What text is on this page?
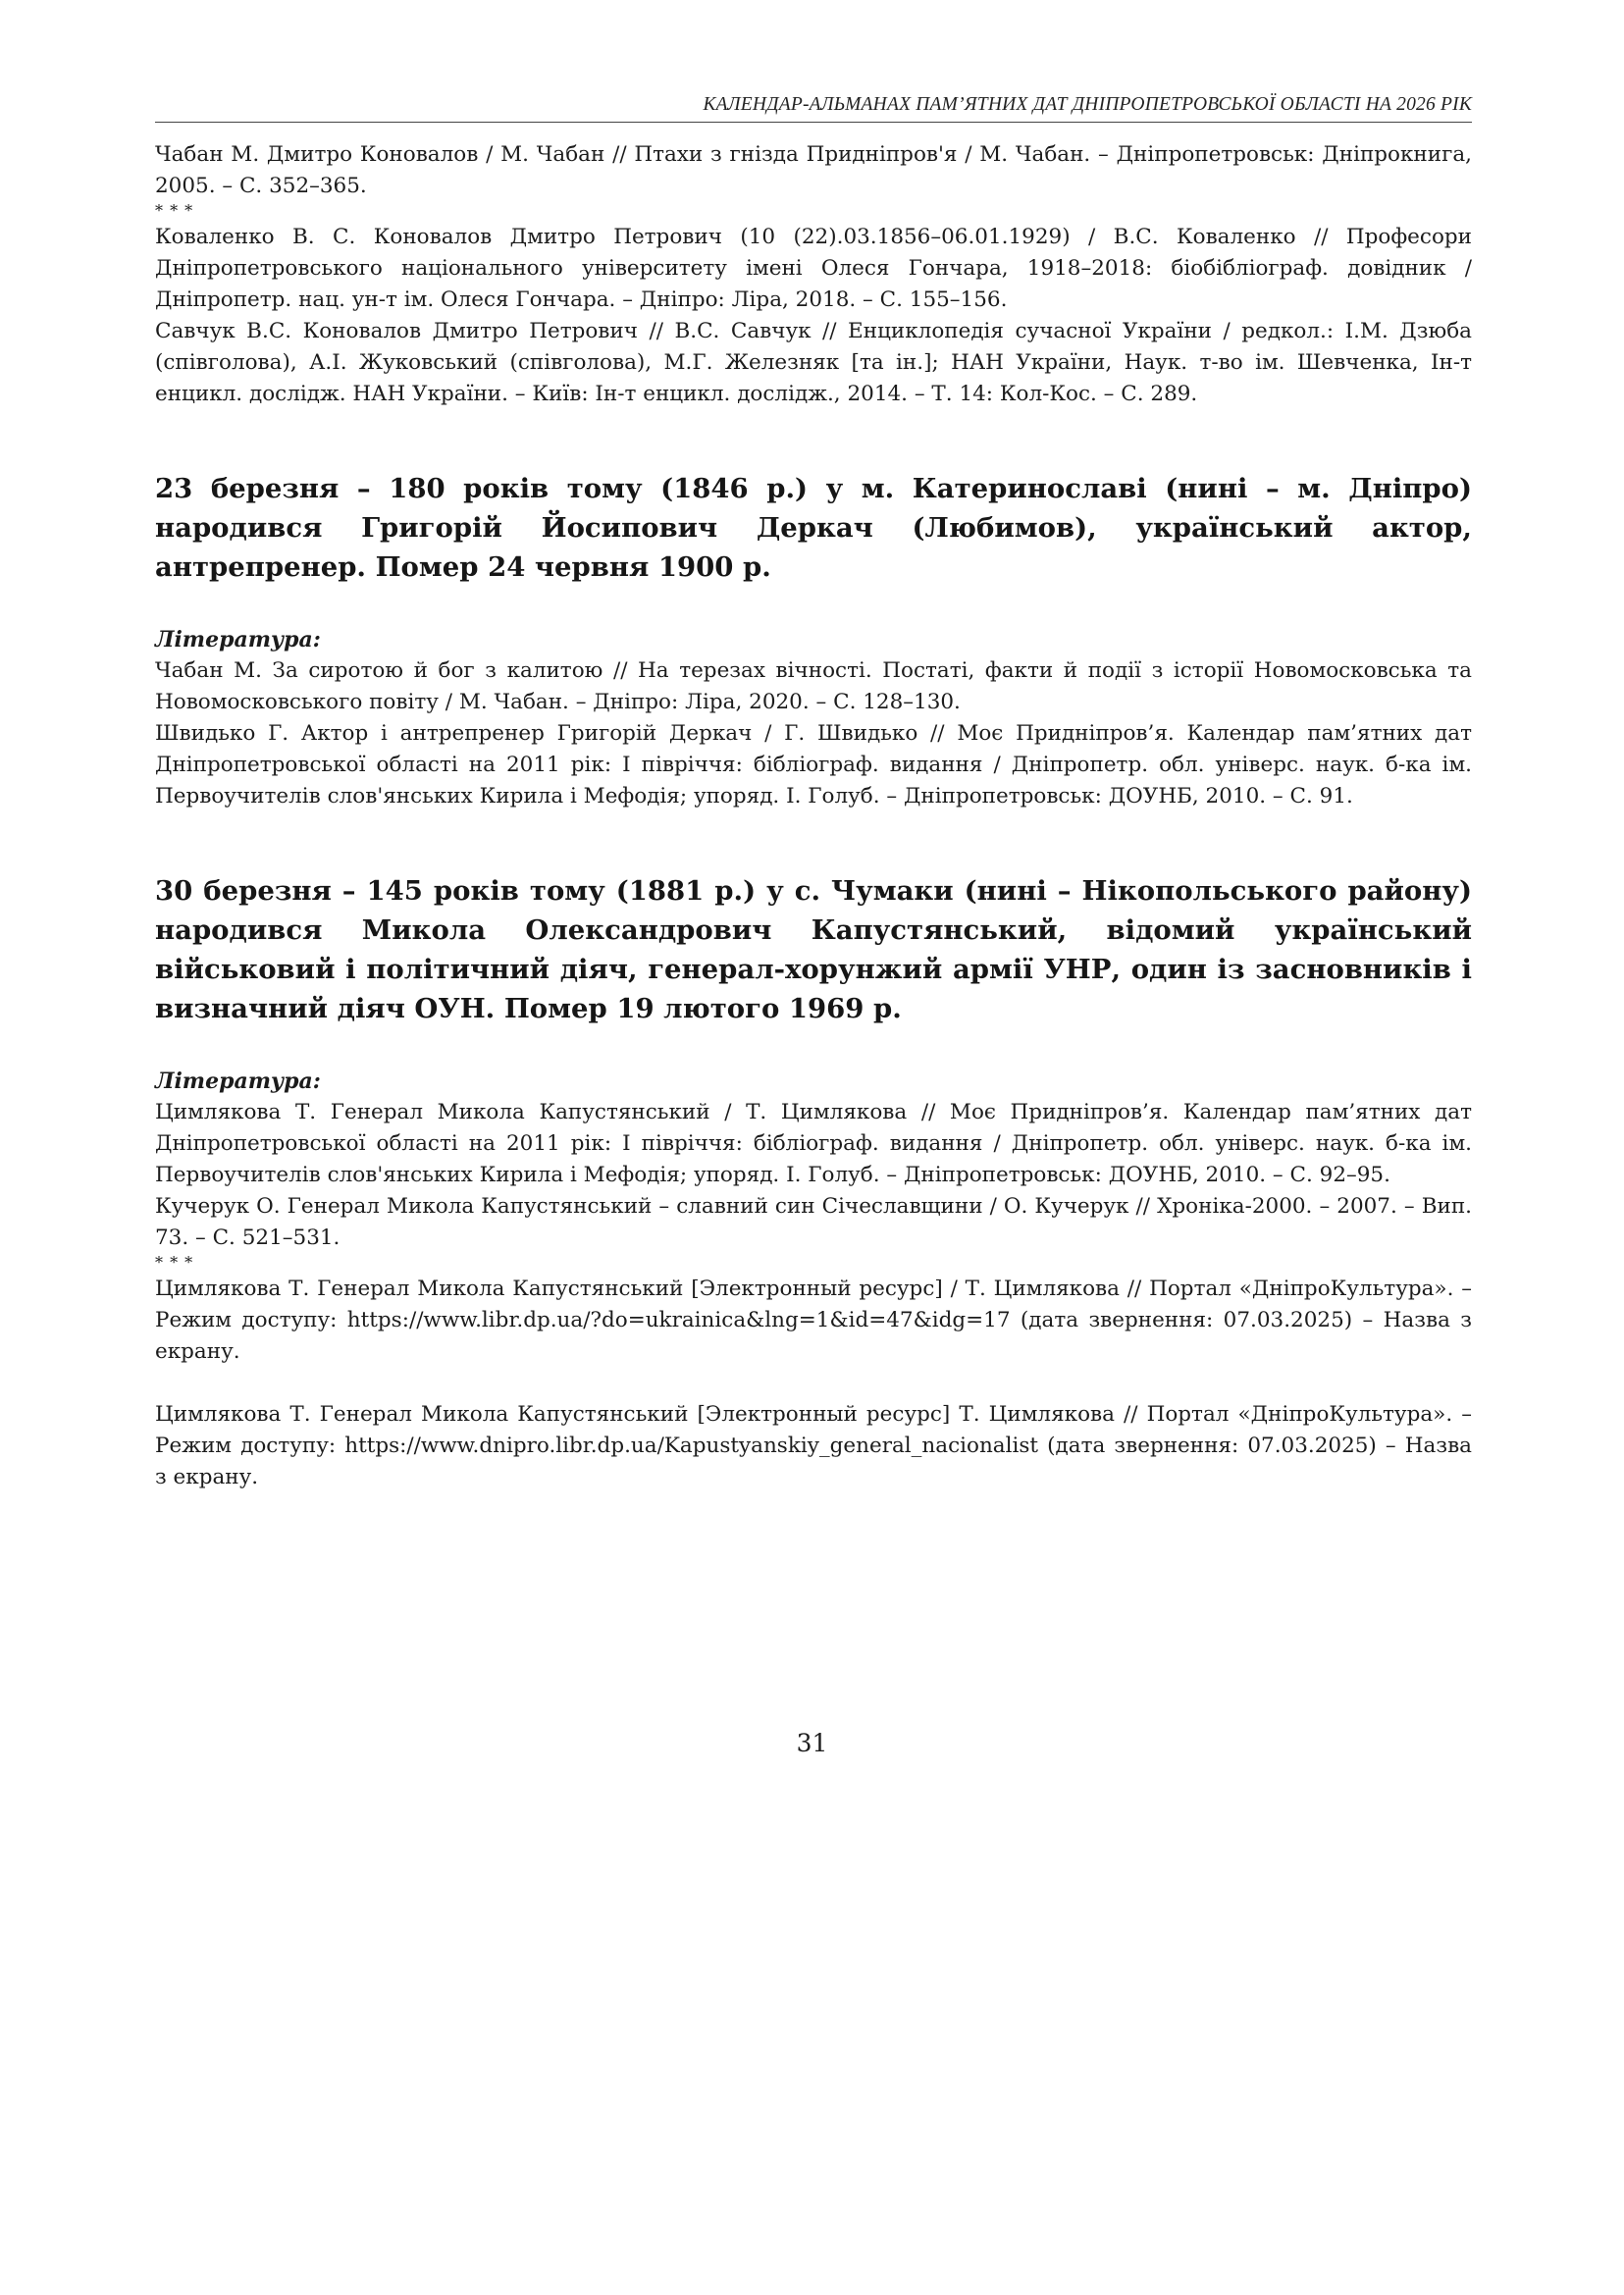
КАЛЕНДАР-АЛЬМАНАХ ПАМ’ЯТНИХ ДАТ ДНІПРОПЕТРОВСЬКОЇ ОБЛАСТІ НА 2026 РІК

Чабан М. Дмитро Коновалов / М. Чабан // Птахи з гнізда Придніпров'я / М. Чабан. – Дніпропетровськ: Дніпрокнига, 2005. – С. 352–365.

* * *

Коваленко В. С. Коновалов Дмитро Петрович (10 (22).03.1856–06.01.1929) / В.С. Коваленко // Професори Дніпропетровського національного університету імені Олеся Гончара, 1918–2018: біобібліограф. довідник / Дніпропетр. нац. ун-т ім. Олеся Гончара. – Дніпро: Ліра, 2018. – С. 155–156.

Савчук В.С. Коновалов Дмитро Петрович // В.С. Савчук // Енциклопедія сучасної України / редкол.: І.М. Дзюба (співголова), А.І. Жуковський (співголова), М.Г. Железняк [та ін.]; НАН України, Наук. т-во ім. Шевченка, Ін-т енцикл. дослідж. НАН України. – Київ: Ін-т енцикл. дослідж., 2014. – Т. 14: Кол-Кос. – С. 289.

23 березня – 180 років тому (1846 р.) у м. Катеринославі (нині – м. Дніпро) народився Григорій Йосипович Деркач (Любимов), український актор, антрепренер. Помер 24 червня 1900 р.

Література:

Чабан М. За сиротою й бог з калитою // На терезах вічності. Постаті, факти й події з історії Новомосковська та Новомосковського повіту / М. Чабан. – Дніпро: Ліра, 2020. – С. 128–130.

Швидько Г. Актор і антрепренер Григорій Деркач / Г. Швидько // Моє Придніпров’я. Календар пам’ятних дат Дніпропетровської області на 2011 рік: І півріччя: бібліограф. видання / Дніпропетр. обл. універс. наук. б-ка ім. Первоучителів слов'янських Кирила і Мефодія; упоряд. І. Голуб. – Дніпропетровськ: ДОУНБ, 2010. – С. 91.

30 березня – 145 років тому (1881 р.) у с. Чумаки (нині – Нікопольського району) народився Микола Олександрович Капустянський, відомий український військовий і політичний діяч, генерал-хорунжий армії УНР, один із засновників і визначний діяч ОУН. Помер 19 лютого 1969 р.

Література:

Цимлякова Т. Генерал Микола Капустянський / Т. Цимлякова // Моє Придніпров’я. Календар пам’ятних дат Дніпропетровської області на 2011 рік: І півріччя: бібліограф. видання / Дніпропетр. обл. універс. наук. б-ка ім. Первоучителів слов'янських Кирила і Мефодія; упоряд. І. Голуб. – Дніпропетровськ: ДОУНБ, 2010. – С. 92–95.

Кучерук О. Генерал Микола Капустянський – славний син Січеславщини / О. Кучерук // Хроніка-2000. – 2007. – Вип. 73. – С. 521–531.

* * *

Цимлякова Т. Генерал Микола Капустянський [Электронный ресурс] / Т. Цимлякова // Портал «ДніпроКультура». – Режим доступу: https://www.libr.dp.ua/?do=ukrainica&lng=1&id=47&idg=17 (дата звернення: 07.03.2025) – Назва з екрану.

Цимлякова Т. Генерал Микола Капустянський [Электронный ресурс] Т. Цимлякова // Портал «ДніпроКультура». – Режим доступу: https://www.dnipro.libr.dp.ua/Kapustyanskiy_general_nacionalist (дата звернення: 07.03.2025) – Назва з екрану.

31
